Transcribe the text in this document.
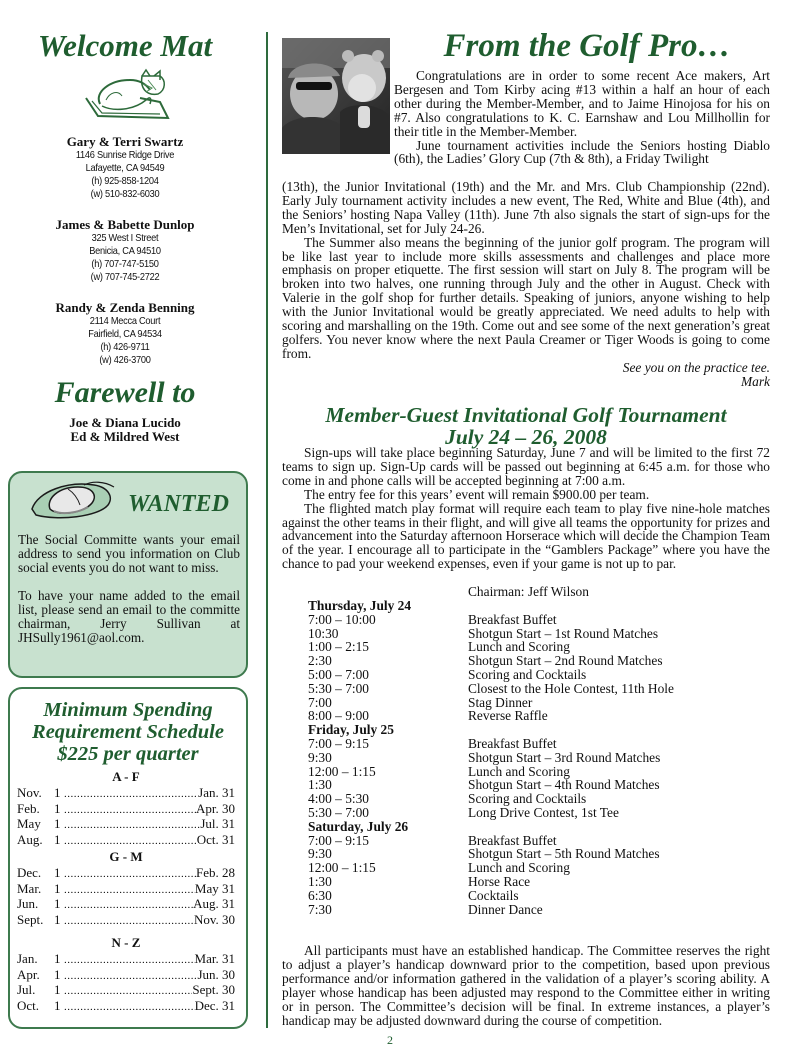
Welcome Mat
Gary & Terri Swartz
1146 Sunrise Ridge Drive
Lafayette, CA 94549
(h) 925-858-1204
(w) 510-832-6030
James & Babette Dunlop
325 West I Street
Benicia, CA 94510
(h) 707-747-5150
(w) 707-745-2722
Randy & Zenda Benning
2114 Mecca Court
Fairfield, CA 94534
(h) 426-9711
(w) 426-3700
Farewell to
Joe & Diana Lucido
Ed & Mildred West
WANTED

The Social Committe wants your email address to send you information on Club social events you do not want to miss.

To have your name added to the email list, please send an email to the committe chairman, Jerry Sullivan at JHSully1961@aol.com.

Minimum Spending
Requirement Schedule
$225 per quarter
A - F
Nov. 1 .....	Jan. 31
Feb.	1 .....	Apr. 30
May	1 .....	Jul. 31
Aug. 1 .....	Oct. 31
G - M
Dec. 1 .....	Feb. 28
Mar. 1 .....	May 31
Jun.	1 .....	Aug. 31
Sept. 1 .....	Nov. 30
N - Z
Jan.	1 .....	Mar. 31
Apr.	1 .....	Jun. 30
Jul.	1 .....	Sept. 30
Oct.	1 .....	Dec. 31
From the Golf Pro…

Congratulations are in order to some recent Ace makers, Art Bergesen and Tom Kirby acing #13 within a half an hour of each other during the Member-Member, and to Jaime Hinojosa for his on #7. Also congratulations to K. C. Earnshaw and Lou Millhollin for their title in the Member-Member.

June tournament activities include the Seniors hosting Diablo (6th), the Ladies’ Glory Cup (7th & 8th), a Friday Twilight

(13th), the Junior Invitational (19th) and the Mr. and Mrs. Club Championship (22nd). Early July tournament activity includes a new event, The Red, White and Blue (4th), and the Seniors’ hosting Napa Valley (11th). June 7th also signals the start of sign-ups for the Men’s Invitational, set for July 24-26.

The Summer also means the beginning of the junior golf program. The program will be like last year to include more skills assessments and challenges and place more emphasis on proper etiquette. The first session will start on July 8. The program will be broken into two halves, one running through July and the other in August. Check with Valerie in the golf shop for further details. Speaking of juniors, anyone wishing to help with the Junior Invitational would be greatly appreciated. We need adults to help with scoring and marshalling on the 19th. Come out and see some of the next generation’s great golfers. You never know where the next Paula Creamer or Tiger Woods is going to come from.

See you on the practice tee.
Mark
Member-Guest Invitational Golf Tournament
July 24 – 26, 2008

Sign-ups will take place beginning Saturday, June 7 and will be limited to the first 72 teams to sign up. Sign-Up cards will be passed out beginning at 6:45 a.m. for those who come in and phone calls will be accepted beginning at 7:00 a.m.

The entry fee for this years’ event will remain $900.00 per team.

The flighted match play format will require each team to play five nine-hole matches against the other teams in their flight, and will give all teams the opportunity for prizes and advancement into the Saturday afternoon Horserace which will decide the Champion Team of the year. I encourage all to participate in the “Gamblers Package” where you have the chance to pad your weekend expenses, even if your game is not up to par.

Chairman: Jeff Wilson
Thursday, July 24
7:00 – 10:00	Breakfast Buffet
10:30	Shotgun Start – 1st Round Matches
1:00 – 2:15	Lunch and Scoring
2:30	Shotgun Start – 2nd Round Matches
5:00 – 7:00	Scoring and Cocktails
5:30 – 7:00	Closest to the Hole Contest, 11th Hole
7:00	Stag Dinner
8:00 – 9:00	Reverse Raffle
Friday, July 25
7:00 – 9:15	Breakfast Buffet
9:30	Shotgun Start – 3rd Round Matches
12:00 – 1:15	Lunch and Scoring
1:30	Shotgun Start – 4th Round Matches
4:00 – 5:30	Scoring and Cocktails
5:30 – 7:00	Long Drive Contest, 1st Tee
Saturday, July 26
7:00 – 9:15	Breakfast Buffet
9:30	Shotgun Start – 5th Round Matches
12:00 – 1:15	Lunch and Scoring
1:30	Horse Race
6:30	Cocktails
7:30	Dinner Dance

All participants must have an established handicap. The Committee reserves the right to adjust a player’s handicap downward prior to the competition, based upon previous performance and/or information gathered in the validation of a player’s scoring ability. A player whose handicap has been adjusted may respond to the Committee either in writing or in person. The Committee’s decision will be final. In extreme instances, a player’s handicap may be adjusted downward during the course of competition.

2
